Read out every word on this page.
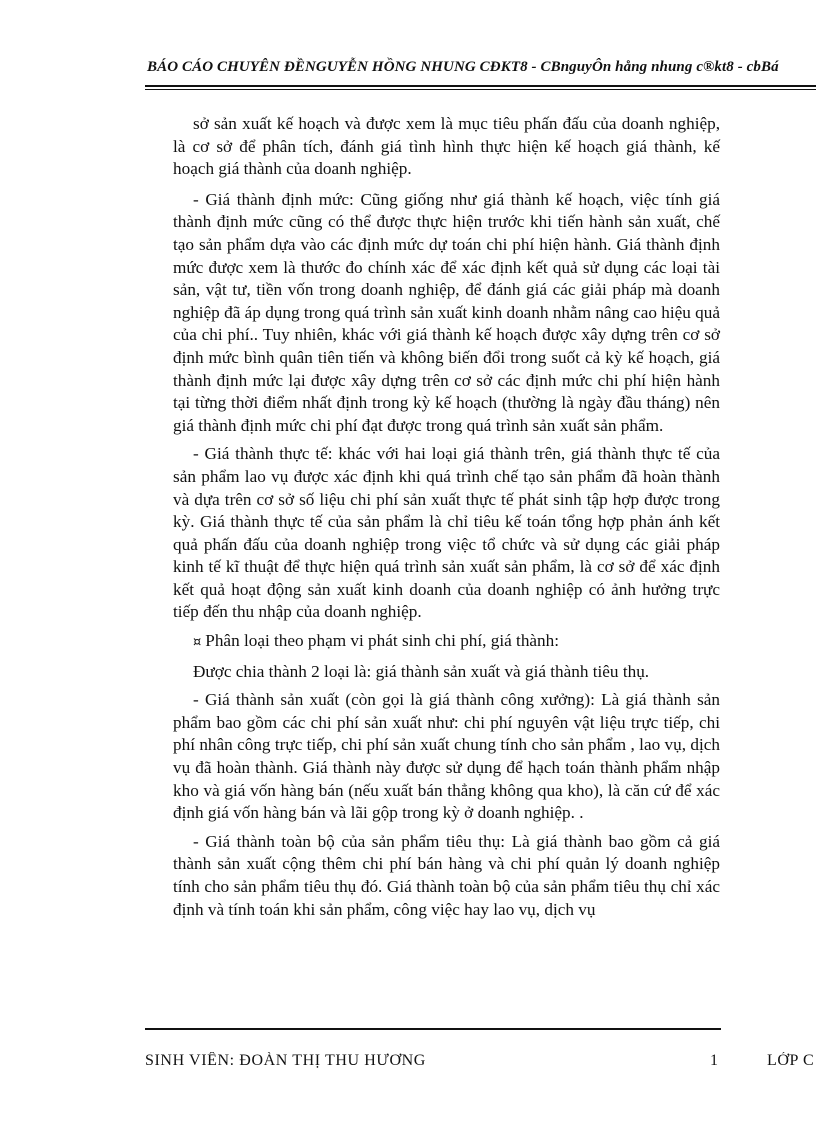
BÁO CÁO CHUYÊN ĐỀNGUYỄN HỒNG NHUNG CĐKT8 - CBnguyÔn hång nhung c®kt8 - cbBá

sở sản xuất kế hoạch và được xem là mục tiêu phấn đấu của doanh nghiệp, là cơ sở để phân tích, đánh giá tình hình thực hiện kế hoạch giá thành, kế hoạch giá thành của doanh nghiệp.

- Giá thành định mức: Cũng giống như giá thành kế hoạch, việc tính giá thành định mức cũng có thể được thực hiện trước khi tiến hành sản xuất, chế tạo sản phẩm dựa vào các định mức dự toán chi phí hiện hành. Giá thành định mức được xem là thước đo chính xác để xác định kết quả sử dụng các loại tài sản, vật tư, tiền vốn trong doanh nghiệp, để đánh giá các giải pháp mà doanh nghiệp đã áp dụng trong quá trình sản xuất kinh doanh nhằm nâng cao hiệu quả của chi phí.. Tuy nhiên, khác với giá thành kế hoạch được xây dựng trên cơ sở định mức bình quân tiên tiến và không biến đổi trong suốt cả kỳ kế hoạch, giá thành định mức lại được xây dựng trên cơ sở các định mức chi phí hiện hành tại từng thời điểm nhất định trong kỳ kế hoạch (thường là ngày đầu tháng) nên giá thành định mức chi phí đạt được trong quá trình sản xuất sản phẩm.

- Giá thành thực tế: khác với hai loại giá thành trên, giá thành thực tế của sản phẩm lao vụ được xác định khi quá trình chế tạo sản phẩm đã hoàn thành và dựa trên cơ sở số liệu chi phí sản xuất thực tế phát sinh tập hợp được trong kỳ. Giá thành thực tế của sản phẩm là chỉ tiêu kế toán tổng hợp phản ánh kết quả phấn đấu của doanh nghiệp trong việc tổ chức và sử dụng các giải pháp kinh tế kĩ thuật để thực hiện quá trình sản xuất sản phẩm, là cơ sở để xác định kết quả hoạt động sản xuất kinh doanh của doanh nghiệp có ảnh hưởng trực tiếp đến thu nhập của doanh nghiệp.

¤ Phân loại theo phạm vi phát sinh chi phí, giá thành:

Được chia thành 2 loại là: giá thành sản xuất và giá thành tiêu thụ.

- Giá thành sản xuất (còn gọi là giá thành công xưởng): Là giá thành sản phẩm bao gồm các chi phí sản xuất như: chi phí nguyên vật liệu trực tiếp, chi phí nhân công trực tiếp, chi phí sản xuất chung tính cho sản phẩm , lao vụ, dịch vụ đã hoàn thành. Giá thành này được sử dụng để hạch toán thành phẩm nhập kho và giá vốn hàng bán (nếu xuất bán thẳng không qua kho), là căn cứ để xác định giá vốn hàng bán và lãi gộp trong kỳ ở doanh nghiệp. .

- Giá thành toàn bộ của sản phẩm tiêu thụ: Là giá thành bao gồm cả giá thành sản xuất cộng thêm chi phí bán hàng và chi phí quản lý doanh nghiệp tính cho sản phẩm tiêu thụ đó. Giá thành toàn bộ của sản phẩm tiêu thụ chỉ xác định và tính toán khi sản phẩm, công việc hay lao vụ, dịch vụ

SINH VIÊN: ĐOÀN THỊ THU HƯƠNG	1	LỚP C
